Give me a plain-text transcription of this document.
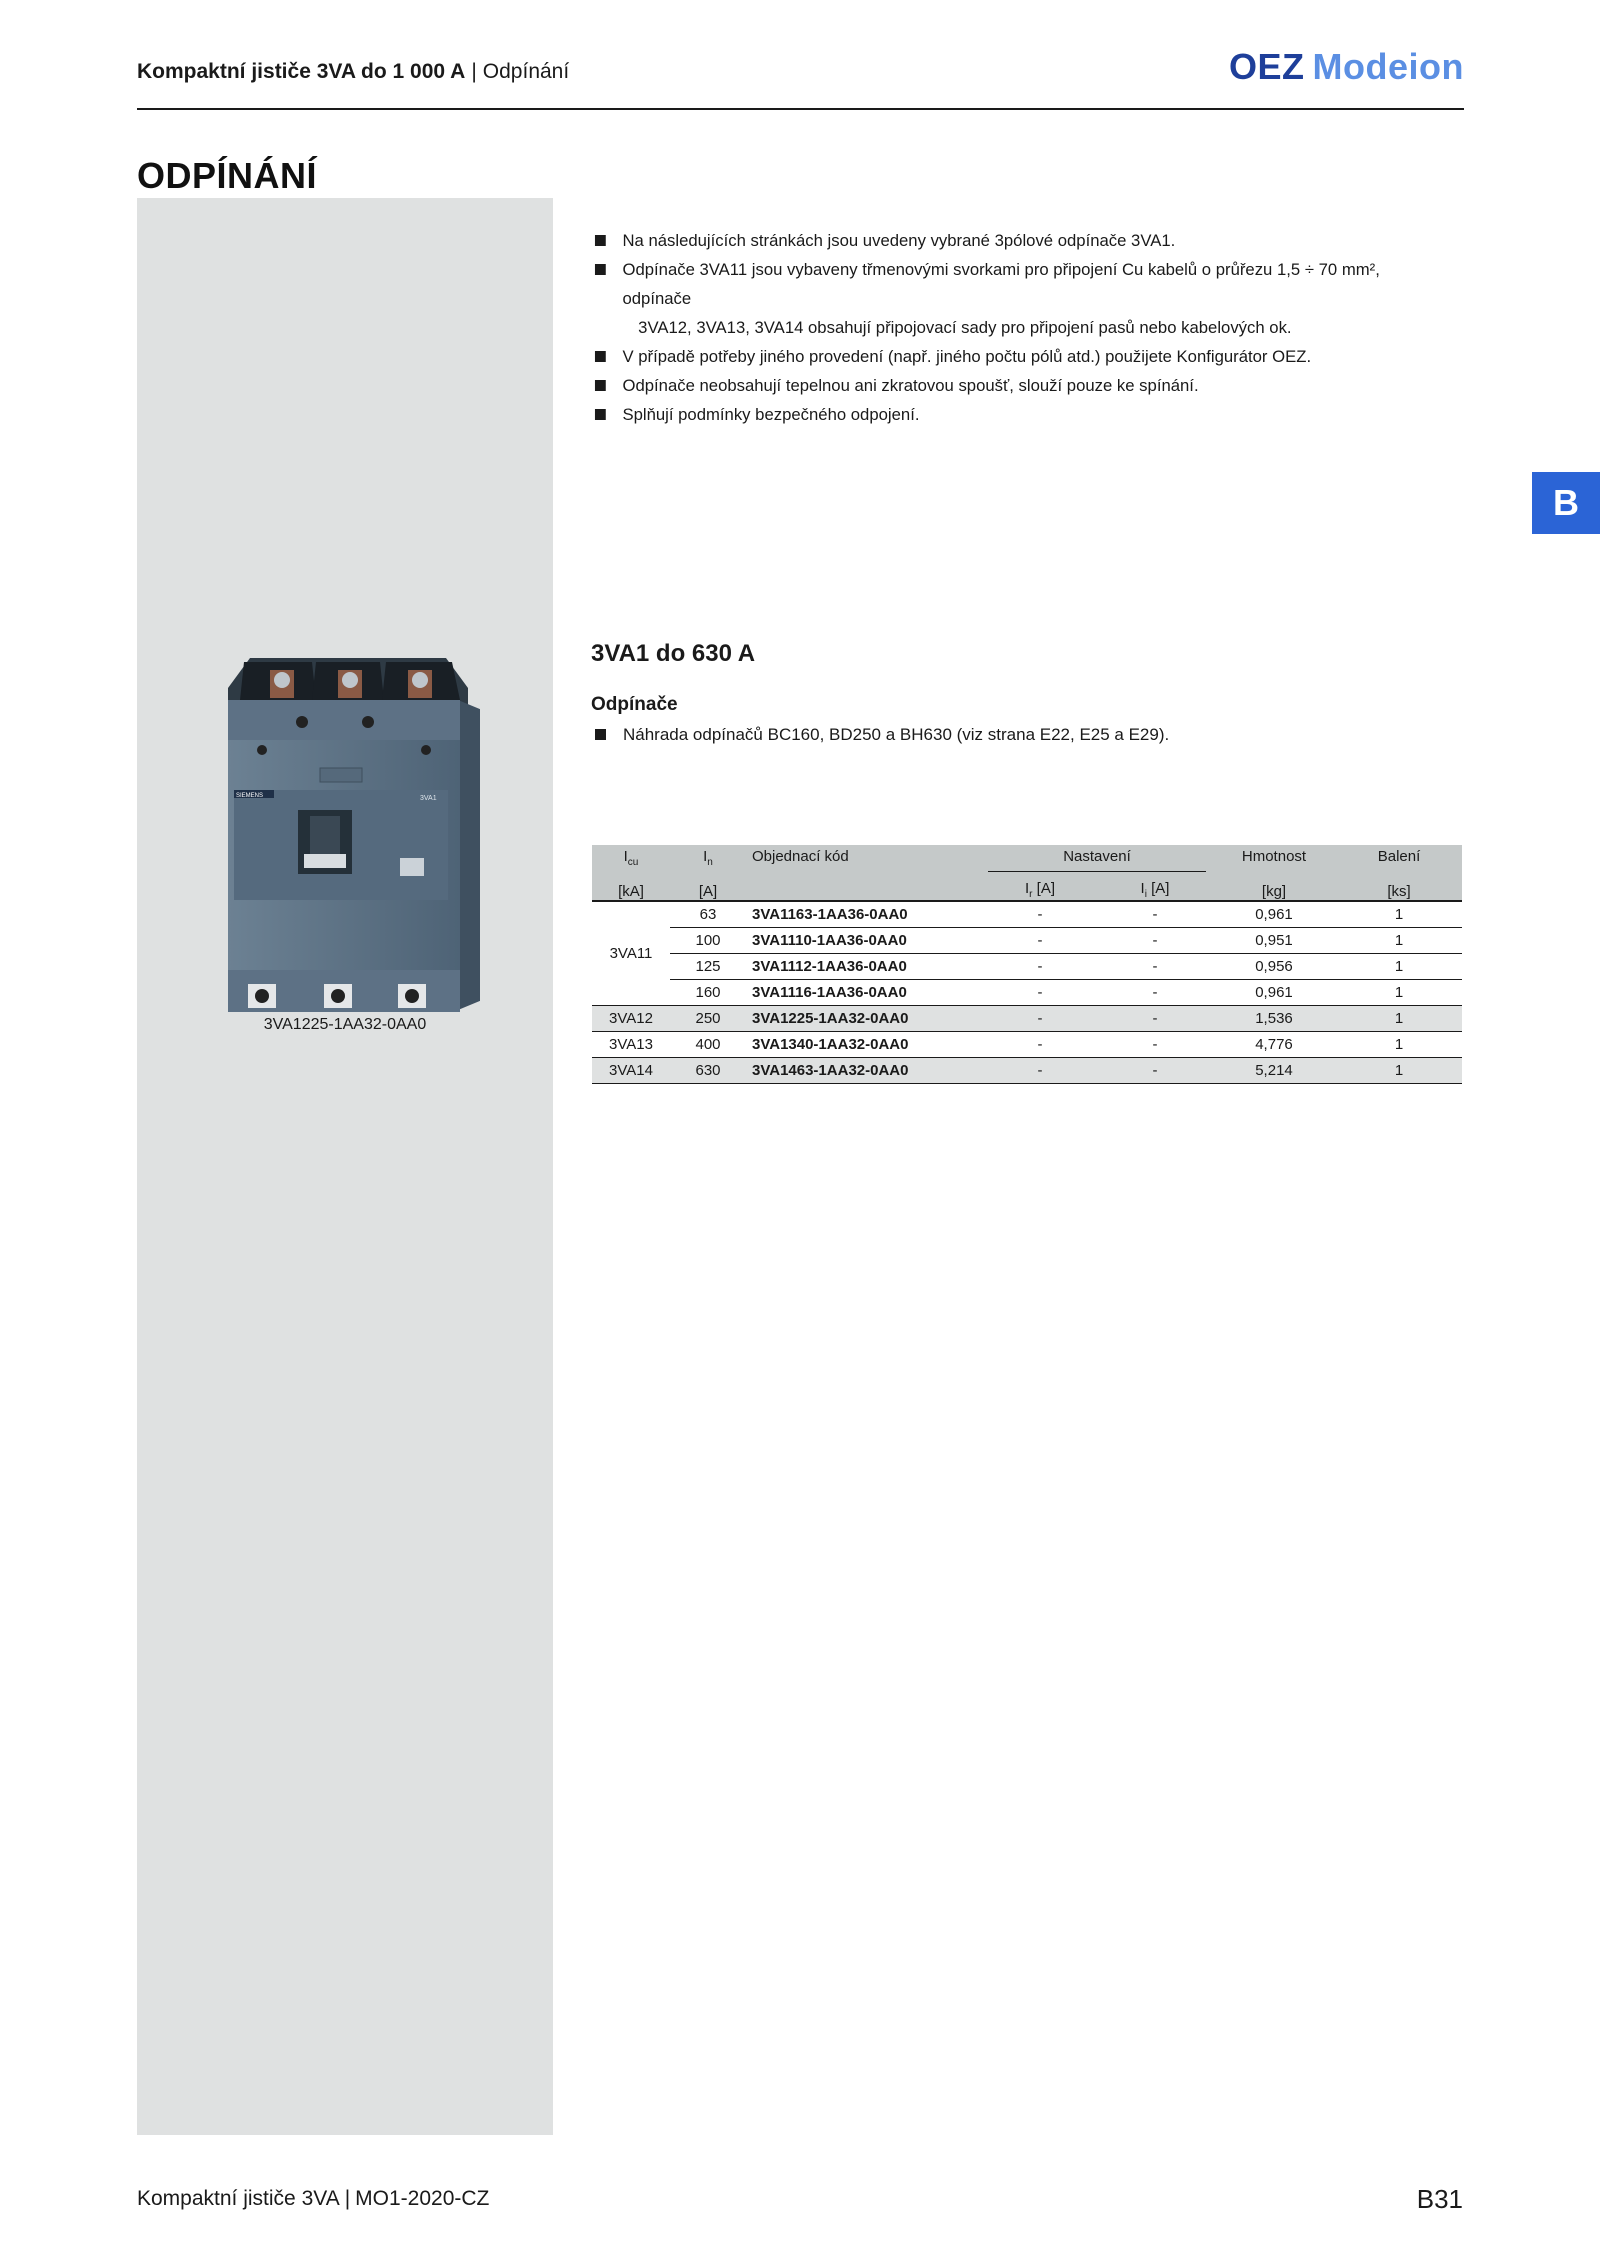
Kompaktní jističe 3VA do 1 000 A | Odpínání	OEZ Modeion
ODPÍNÁNÍ
B
Na následujících stránkách jsou uvedeny vybrané 3pólové odpínače 3VA1.
Odpínače 3VA11 jsou vybaveny třmenovými svorkami pro připojení Cu kabelů o průřezu 1,5 ÷ 70 mm², odpínače
3VA12, 3VA13, 3VA14 obsahují připojovací sady pro připojení pasů nebo kabelových ok.
V případě potřeby jiného provedení (např. jiného počtu pólů atd.) použijete Konfigurátor OEZ.
Odpínače neobsahují tepelnou ani zkratovou spoušť, slouží pouze ke spínání.
Splňují podmínky bezpečného odpojení.
SIEMENS	3VA1
3VA1225-1AA32-0AA0
3VA1 do 630 A
Odpínače
Náhrada odpínačů BC160, BD250 a BH630 (viz strana E22, E25 a E29).
$I_{cu}$	$I_n$	Objednací kód	Nastavení		Hmotnost	Balení
[kA]	[A]		$I_r$ [A]	$I_i$ [A]	[kg]	[ks]
3VA11	63	3VA1163-1AA36-0AA0	-	-	0,961	1
	100	3VA1110-1AA36-0AA0	-	-	0,951	1
	125	3VA1112-1AA36-0AA0	-	-	0,956	1
	160	3VA1116-1AA36-0AA0	-	-	0,961	1
3VA12	250	3VA1225-1AA32-0AA0	-	-	1,536	1
3VA13	400	3VA1340-1AA32-0AA0	-	-	4,776	1
3VA14	630	3VA1463-1AA32-0AA0	-	-	5,214	1
Kompaktní jističe 3VA | MO1-2020-CZ	B31
